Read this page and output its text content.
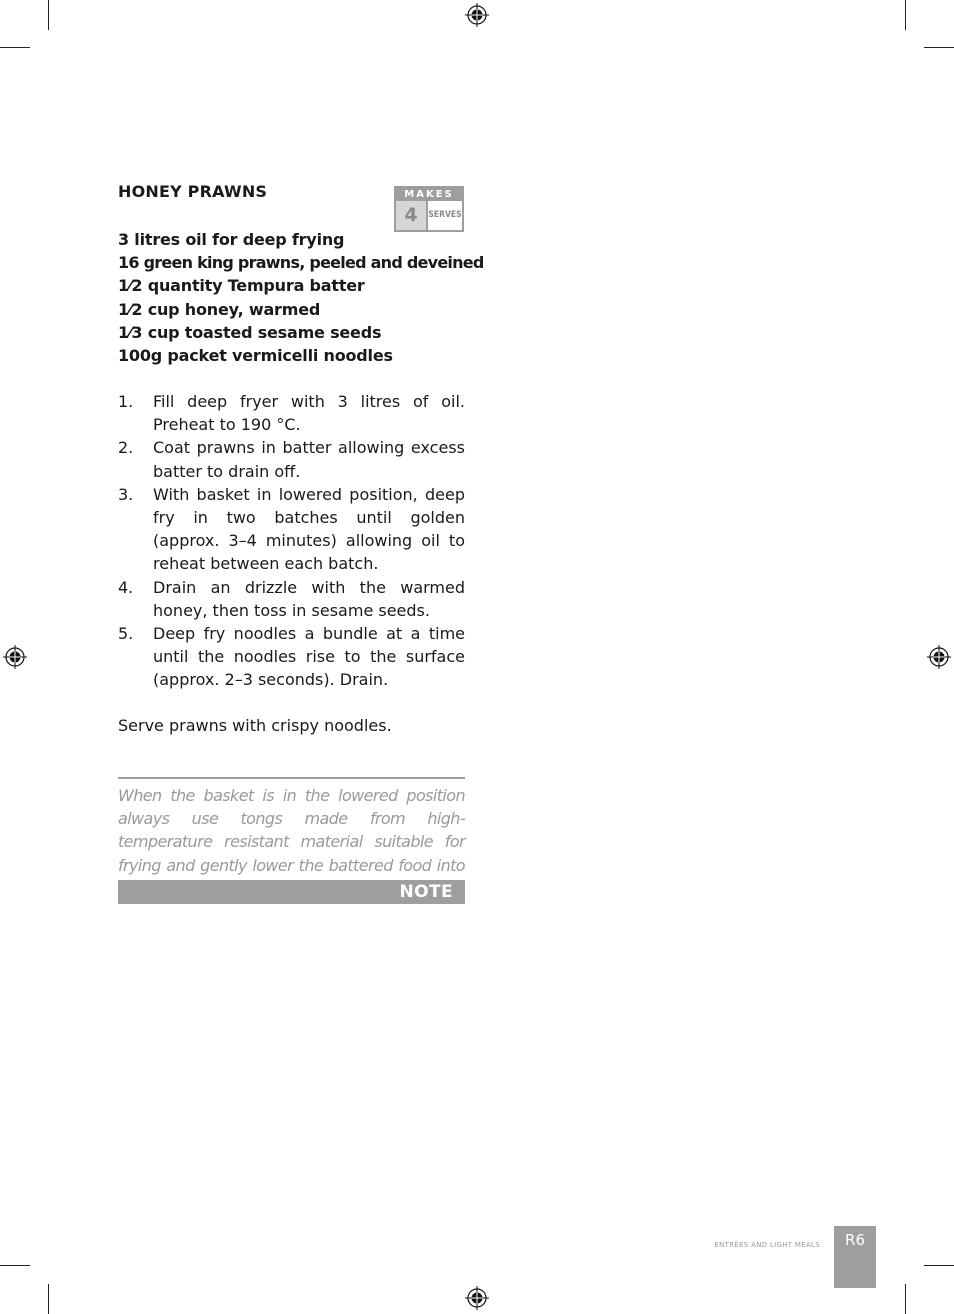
HONEY PRAWNS	MAKES
4	SERVES
3 litres oil for deep frying
16 green king prawns, peeled and deveined
1⁄2 quantity Tempura batter
1⁄2 cup honey, warmed
1⁄3 cup toasted sesame seeds
100g packet vermicelli noodles
1. Fill deep fryer with 3 litres of oil. Preheat to 190 °C.
2. Coat prawns in batter allowing excess batter to drain off.
3. With basket in lowered position, deep fry in two batches until golden (approx. 3–4 minutes) allowing oil to reheat between each batch.
4. Drain an drizzle with the warmed honey, then toss in sesame seeds.
5. Deep fry noodles a bundle at a time until the noodles rise to the surface (approx. 2–3 seconds). Drain.
Serve prawns with crispy noodles.
When the basket is in the lowered position always use tongs made from high-temperature resistant material suitable for frying and gently lower the battered food into
NOTE
ENTRÉES AND LIGHT MEALS	R6
